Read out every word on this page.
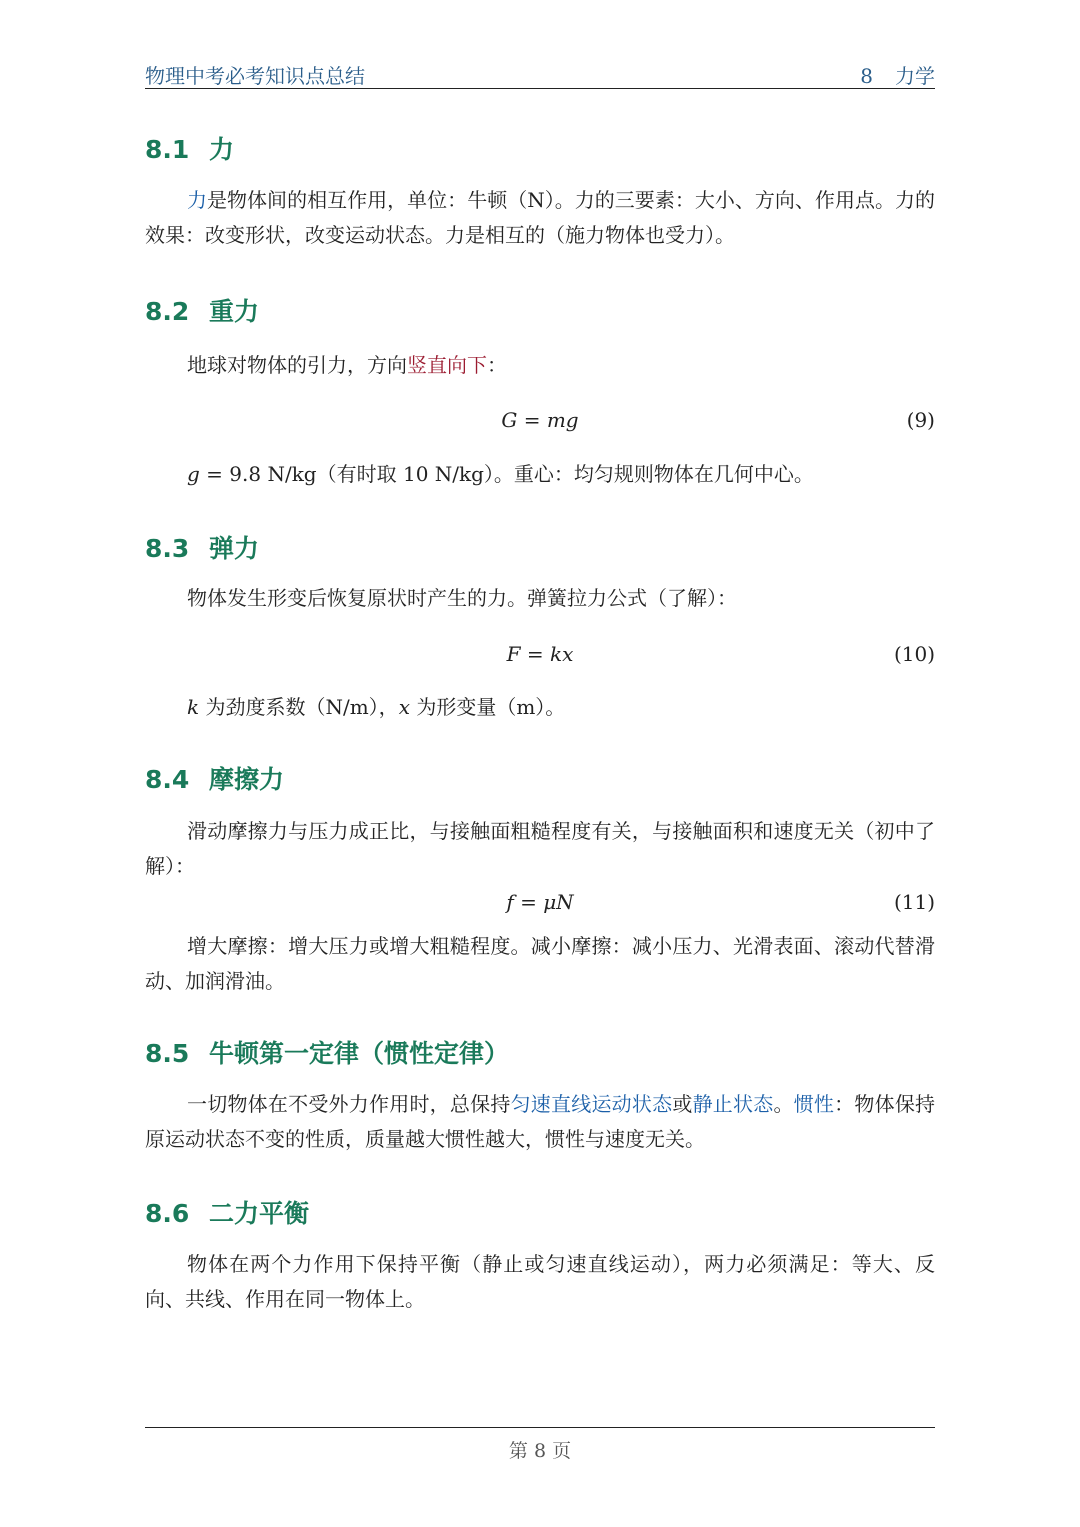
物理中考必考知识点总结	8 力学
8.1 力

力是物体间的相互作用，单位：牛顿（N）。力的三要素：大小、方向、作用点。力的效果：改变形状，改变运动状态。力是相互的（施力物体也受力）。

8.2 重力

地球对物体的引力，方向竖直向下：

G = mg	(9)

g = 9.8 N/kg（有时取 10 N/kg）。重心：均匀规则物体在几何中心。

8.3 弹力

物体发生形变后恢复原状时产生的力。弹簧拉力公式（了解）：

F = kx	(10)

k 为劲度系数（N/m），x 为形变量（m）。

8.4 摩擦力

滑动摩擦力与压力成正比，与接触面粗糙程度有关，与接触面积和速度无关（初中了解）：

f = μN	(11)

增大摩擦：增大压力或增大粗糙程度。减小摩擦：减小压力、光滑表面、滚动代替滑动、加润滑油。

8.5 牛顿第一定律（惯性定律）

一切物体在不受外力作用时，总保持匀速直线运动状态或静止状态。惯性：物体保持原运动状态不变的性质，质量越大惯性越大，惯性与速度无关。

8.6 二力平衡

物体在两个力作用下保持平衡（静止或匀速直线运动），两力必须满足：等大、反向、共线、作用在同一物体上。

第 8 页
